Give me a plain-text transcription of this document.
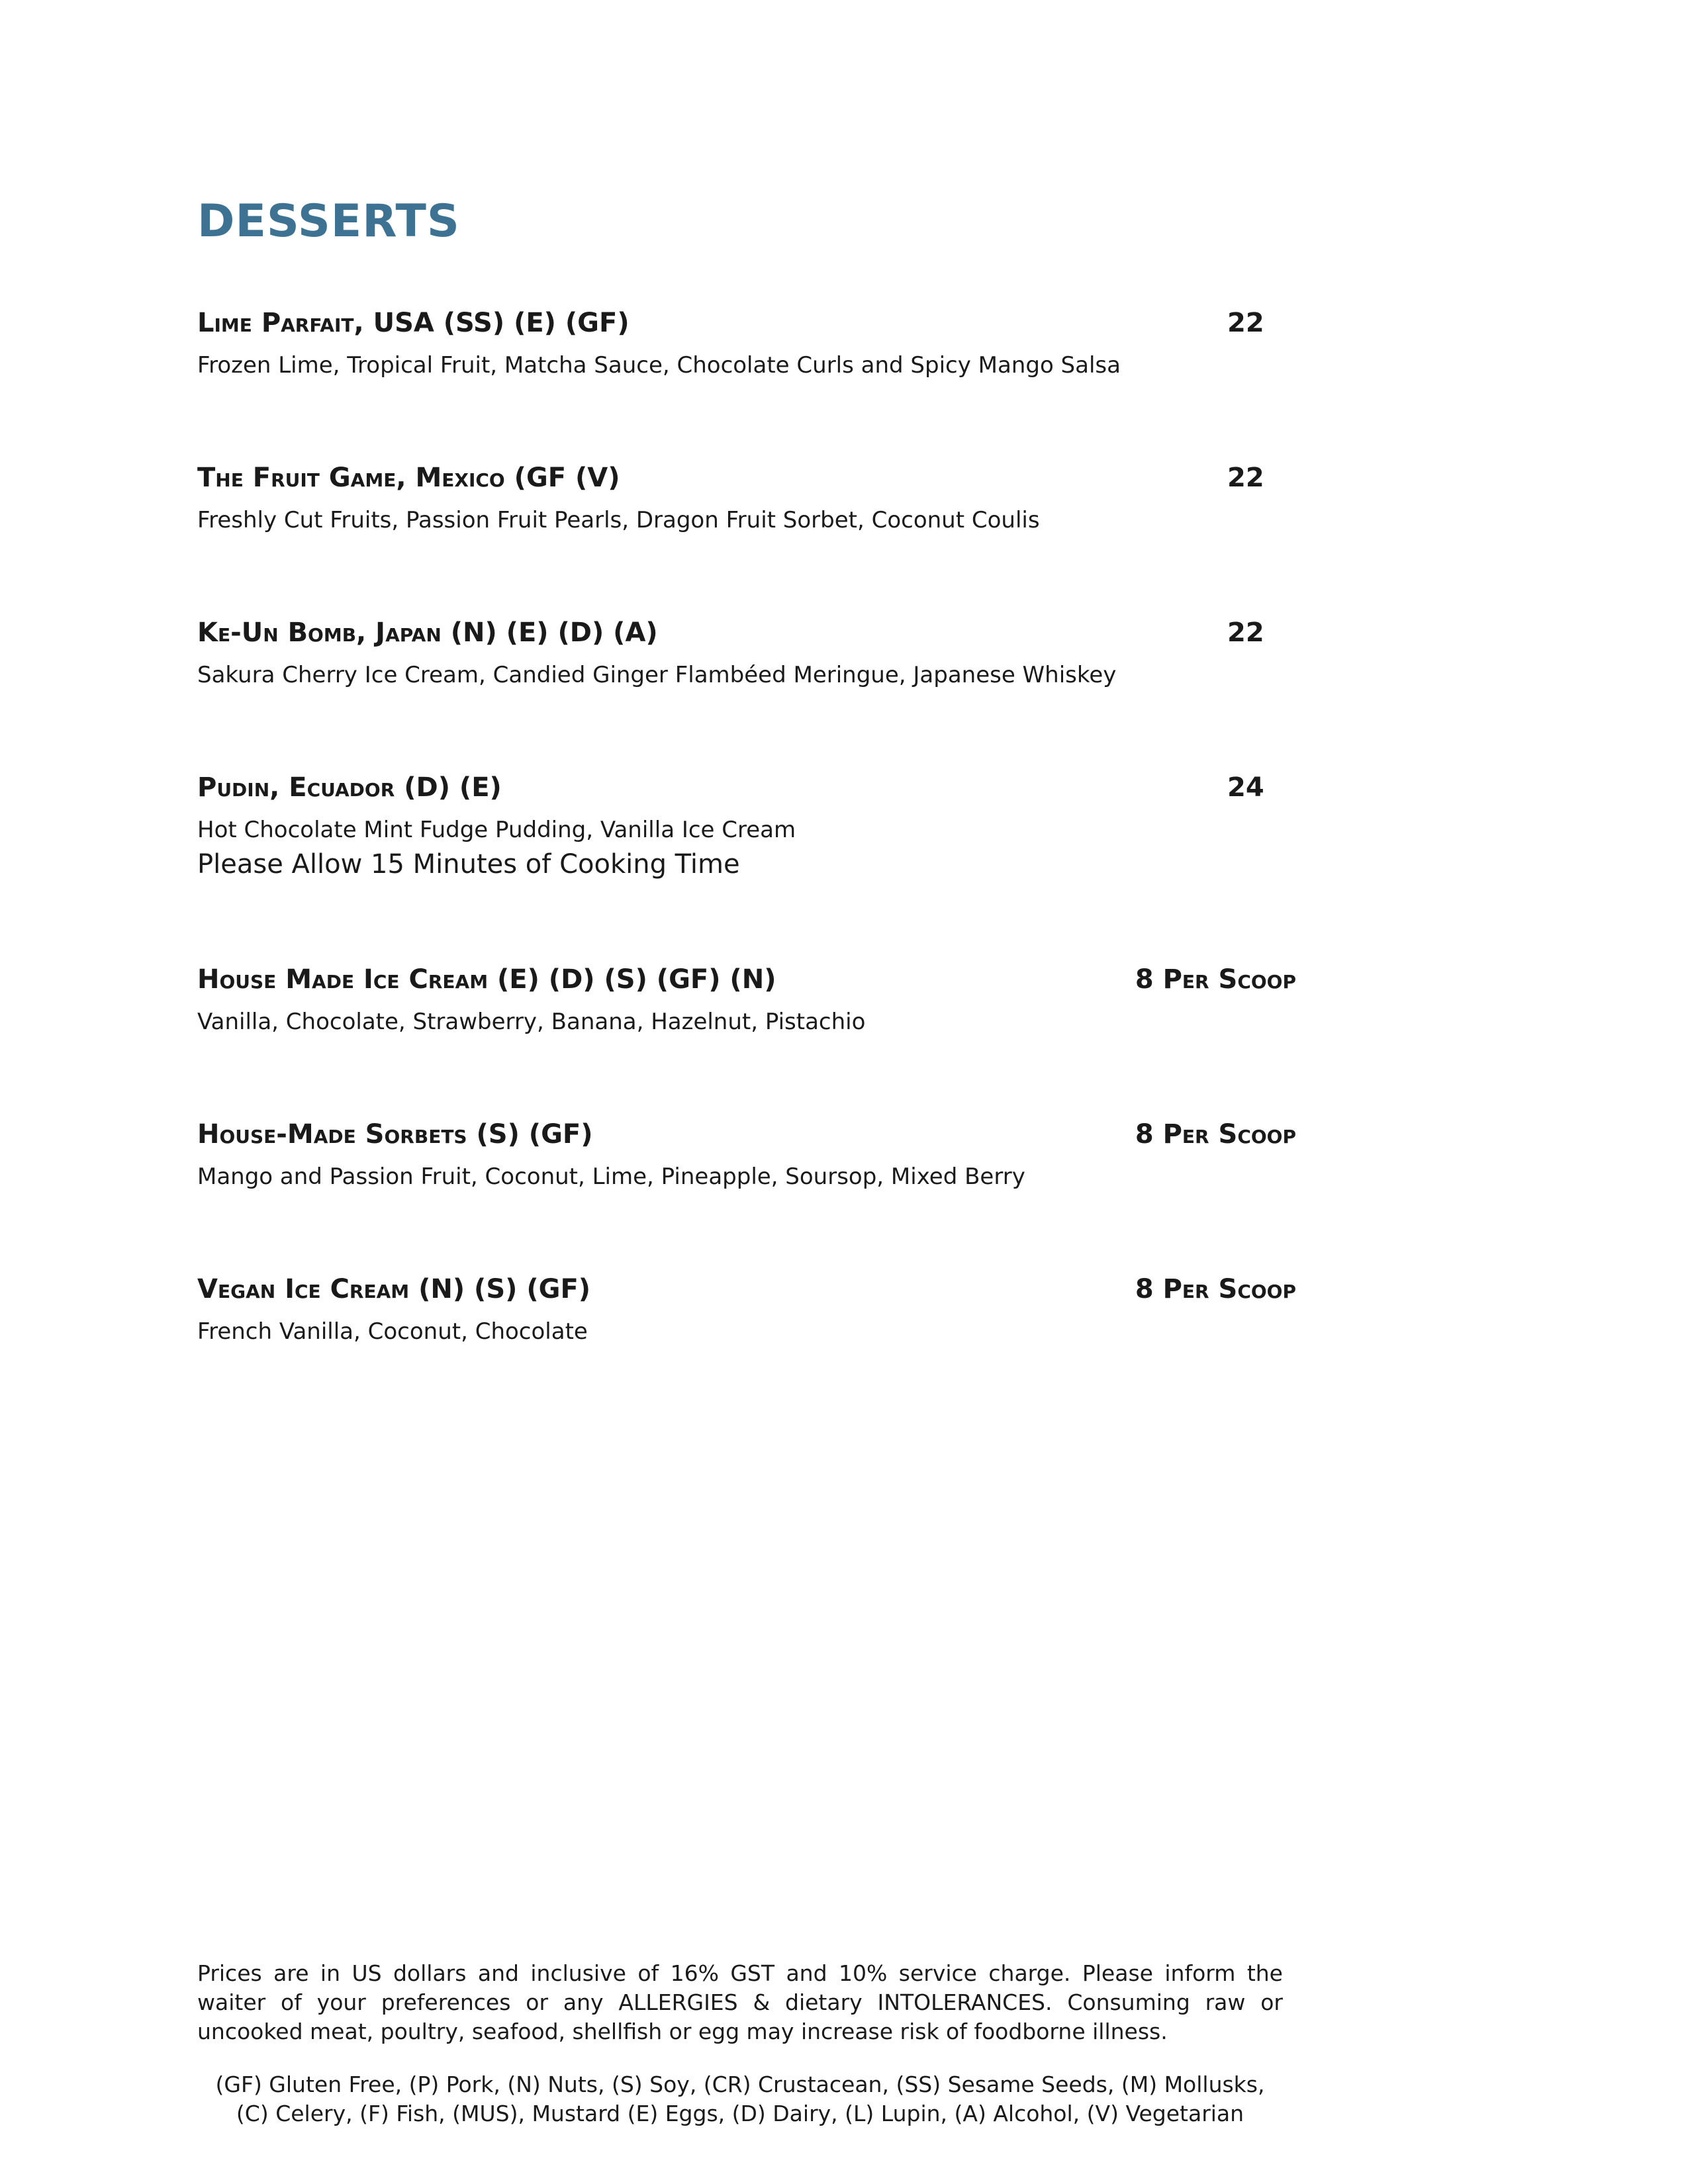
DESSERTS
Lime Parfait, USA (SS) (E) (GF)	22
Frozen Lime, Tropical Fruit, Matcha Sauce, Chocolate Curls and Spicy Mango Salsa
The Fruit Game, Mexico (GF (V)	22
Freshly Cut Fruits, Passion Fruit Pearls, Dragon Fruit Sorbet, Coconut Coulis
Ke-Un Bomb, Japan (N) (E) (D) (A)	22
Sakura Cherry Ice Cream, Candied Ginger Flambéed Meringue, Japanese Whiskey
Pudin, Ecuador (D) (E)	24
Hot Chocolate Mint Fudge Pudding, Vanilla Ice Cream
Please Allow 15 Minutes of Cooking Time
House Made Ice Cream (E) (D) (S) (GF) (N)	8 Per Scoop
Vanilla, Chocolate, Strawberry, Banana, Hazelnut, Pistachio
House-Made Sorbets (S) (GF)	8 Per Scoop
Mango and Passion Fruit, Coconut, Lime, Pineapple, Soursop, Mixed Berry
Vegan Ice Cream (N) (S) (GF)	8 Per Scoop
French Vanilla, Coconut, Chocolate
Prices are in US dollars and inclusive of 16% GST and 10% service charge. Please inform the waiter of your preferences or any ALLERGIES & dietary INTOLERANCES. Consuming raw or uncooked meat, poultry, seafood, shellfish or egg may increase risk of foodborne illness.
(GF) Gluten Free, (P) Pork, (N) Nuts, (S) Soy, (CR) Crustacean, (SS) Sesame Seeds, (M) Mollusks,
(C) Celery, (F) Fish, (MUS), Mustard (E) Eggs, (D) Dairy, (L) Lupin, (A) Alcohol, (V) Vegetarian
